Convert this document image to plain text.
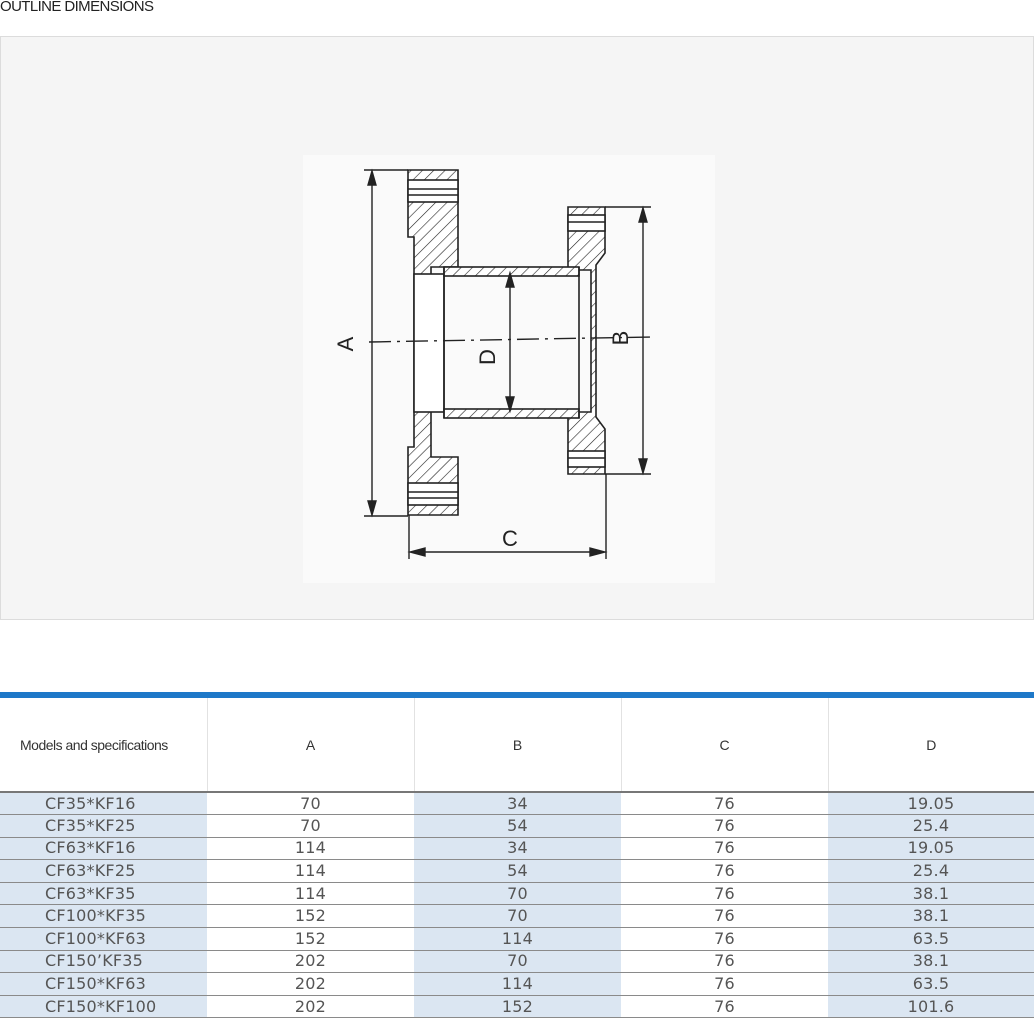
OUTLINE DIMENSIONS
A	B
C
D
Models and specifications	A	B	C	D
CF35*KF16	70	34	76	19.05
CF35*KF25	70	54	76	25.4
CF63*KF16	114	34	76	19.05
CF63*KF25	114	54	76	25.4
CF63*KF35	114	70	76	38.1
CF100*KF35	152	70	76	38.1
CF100*KF63	152	114	76	63.5
CF150’KF35	202	70	76	38.1
CF150*KF63	202	114	76	63.5
CF150*KF100	202	152	76	101.6
